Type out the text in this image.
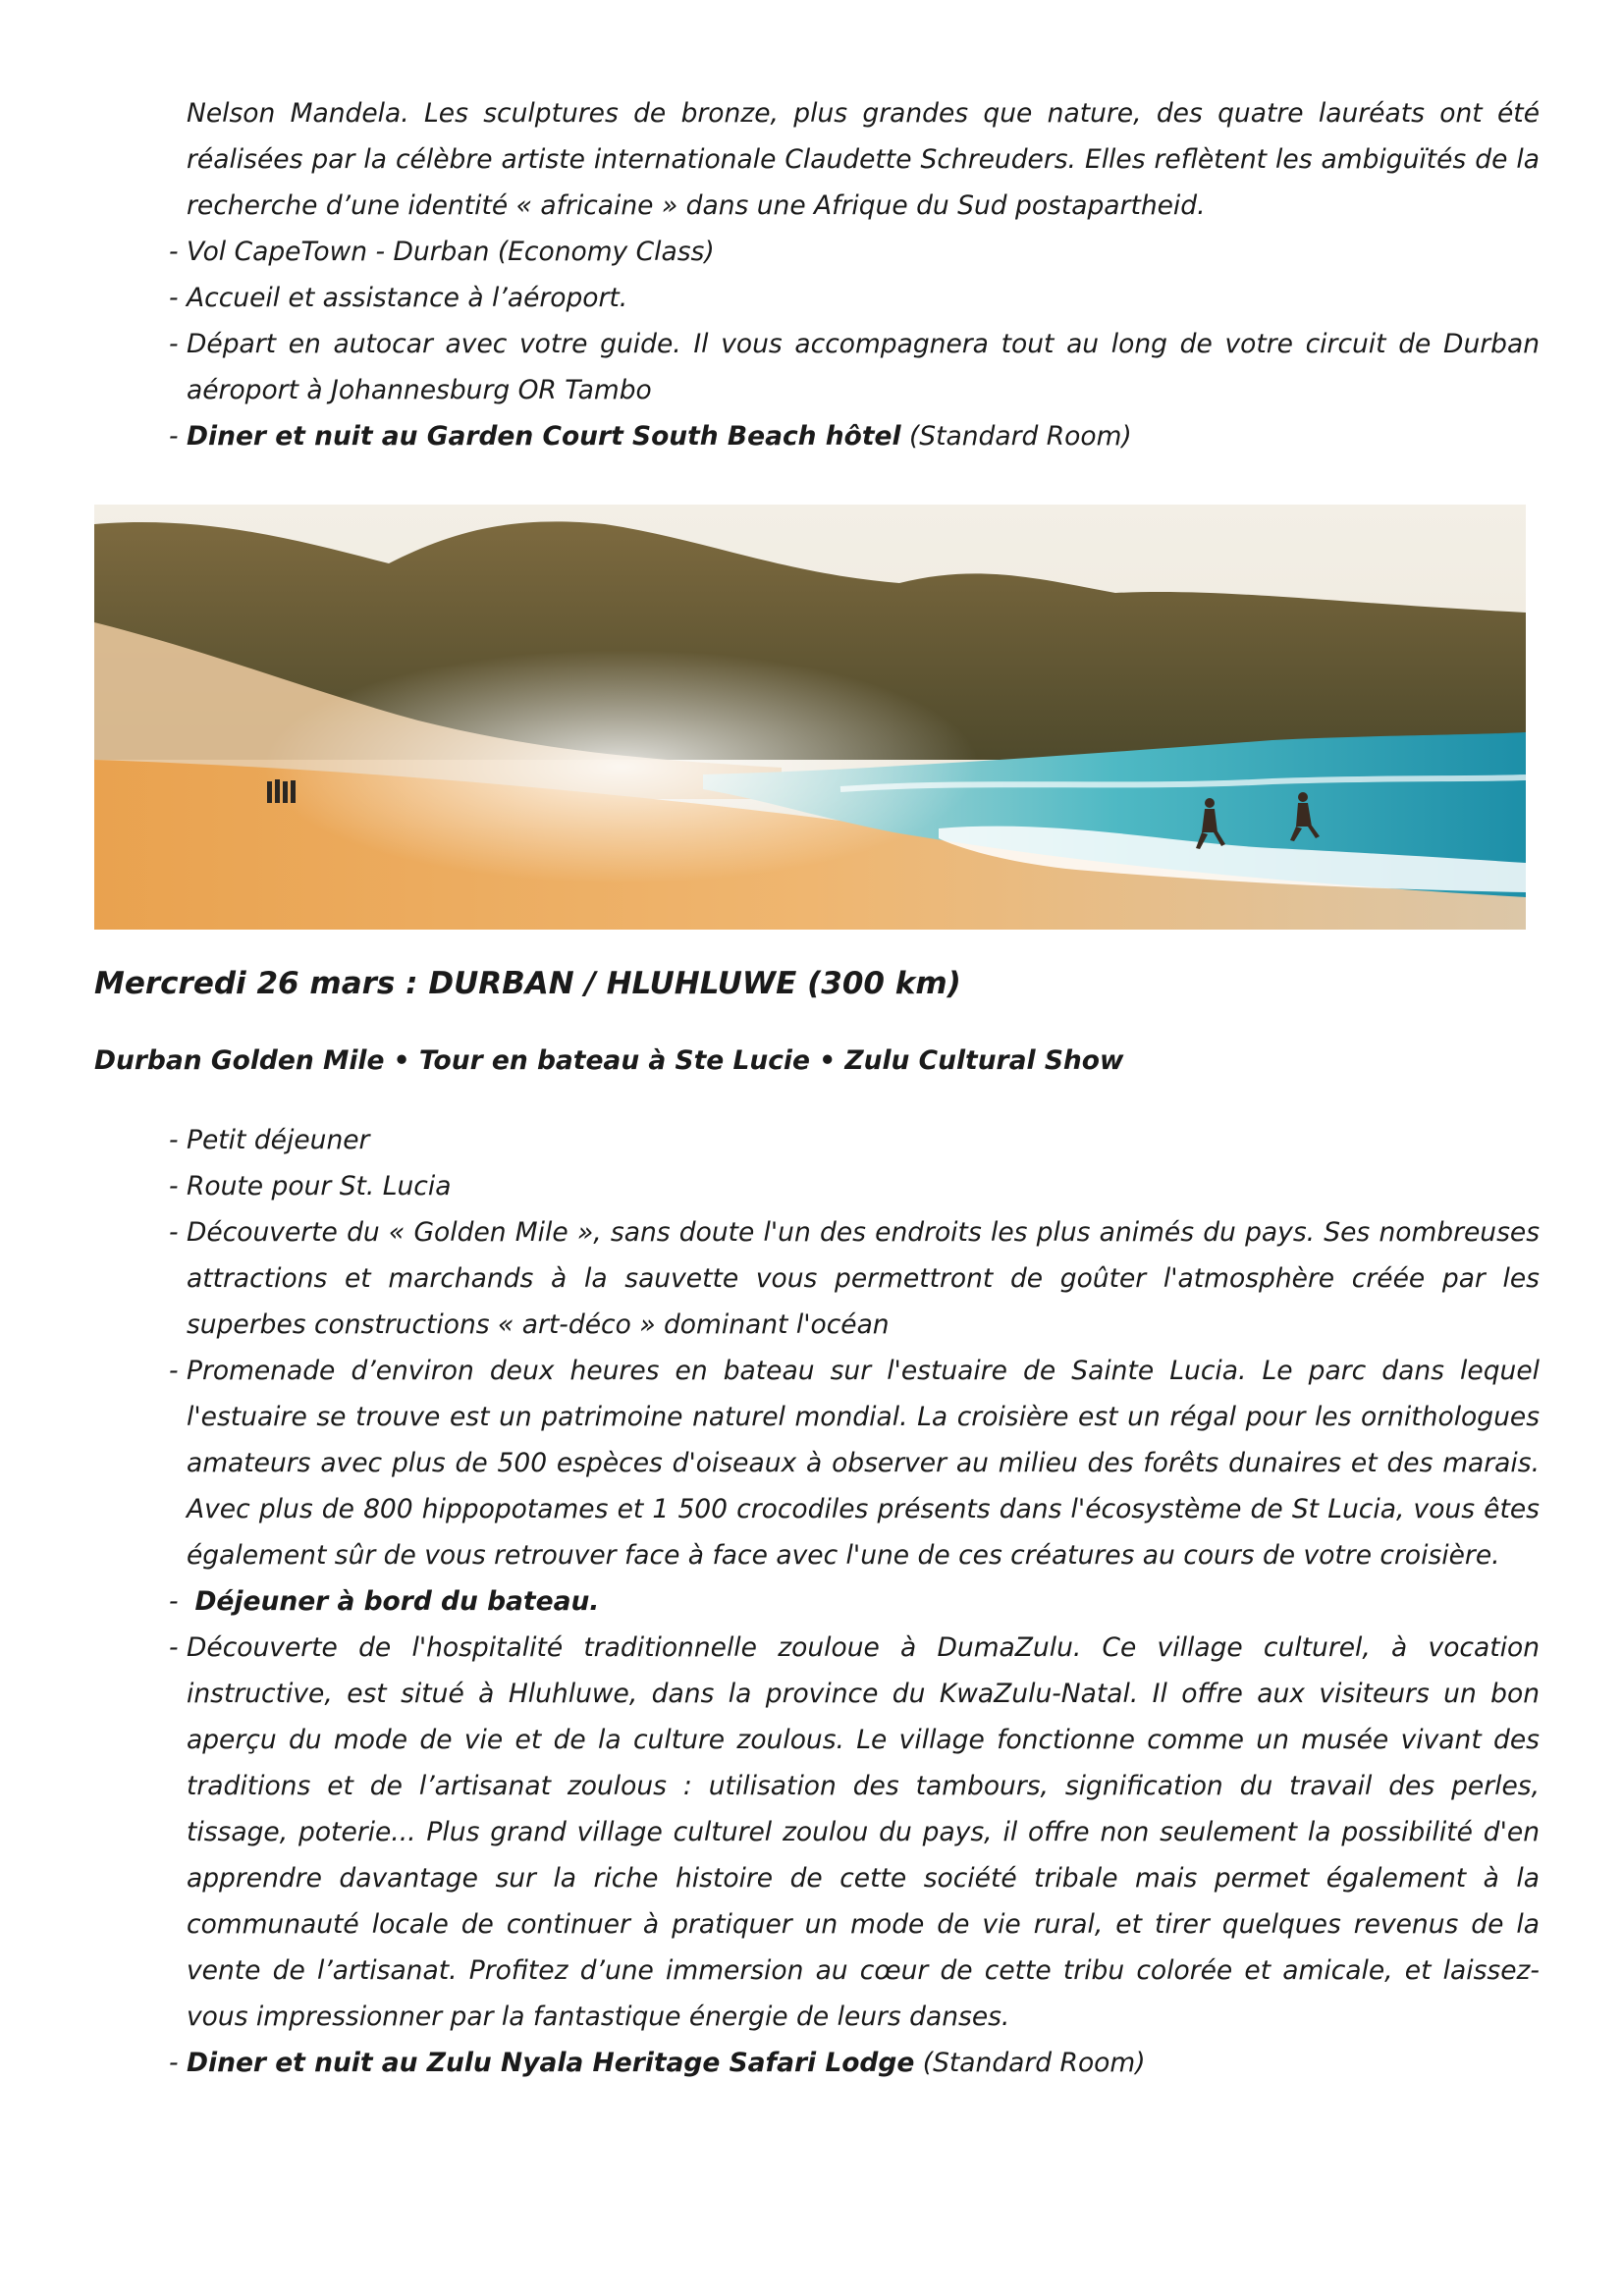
Nelson Mandela. Les sculptures de bronze, plus grandes que nature, des quatre lauréats ont été réalisées par la célèbre artiste internationale Claudette Schreuders. Elles reflètent les ambiguïtés de la recherche d’une identité « africaine » dans une Afrique du Sud postapartheid.

- Vol CapeTown - Durban (Economy Class)
- Accueil et assistance à l’aéroport.
- Départ en autocar avec votre guide. Il vous accompagnera tout au long de votre circuit de Durban aéroport à Johannesburg OR Tambo
- Diner et nuit au Garden Court South Beach hôtel (Standard Room)
Mercredi 26 mars : DURBAN / HLUHLUWE (300 km)
Durban Golden Mile • Tour en bateau à Ste Lucie • Zulu Cultural Show
- Petit déjeuner
- Route pour St. Lucia
- Découverte du « Golden Mile », sans doute l'un des endroits les plus animés du pays. Ses nombreuses attractions et marchands à la sauvette vous permettront de goûter l'atmosphère créée par les superbes constructions « art-déco » dominant l'océan
- Promenade d’environ deux heures en bateau sur l'estuaire de Sainte Lucia. Le parc dans lequel l'estuaire se trouve est un patrimoine naturel mondial. La croisière est un régal pour les ornithologues amateurs avec plus de 500 espèces d'oiseaux à observer au milieu des forêts dunaires et des marais. Avec plus de 800 hippopotames et 1 500 crocodiles présents dans l'écosystème de St Lucia, vous êtes également sûr de vous retrouver face à face avec l'une de ces créatures au cours de votre croisière.
- Déjeuner à bord du bateau.
- Découverte de l'hospitalité traditionnelle zouloue à DumaZulu. Ce village culturel, à vocation instructive, est situé à Hluhluwe, dans la province du KwaZulu-Natal. Il offre aux visiteurs un bon aperçu du mode de vie et de la culture zoulous. Le village fonctionne comme un musée vivant des traditions et de l’artisanat zoulous : utilisation des tambours, signification du travail des perles, tissage, poterie... Plus grand village culturel zoulou du pays, il offre non seulement la possibilité d'en apprendre davantage sur la riche histoire de cette société tribale mais permet également à la communauté locale de continuer à pratiquer un mode de vie rural, et tirer quelques revenus de la vente de l’artisanat. Profitez d’une immersion au cœur de cette tribu colorée et amicale, et laissez-vous impressionner par la fantastique énergie de leurs danses.
- Diner et nuit au Zulu Nyala Heritage Safari Lodge (Standard Room)
